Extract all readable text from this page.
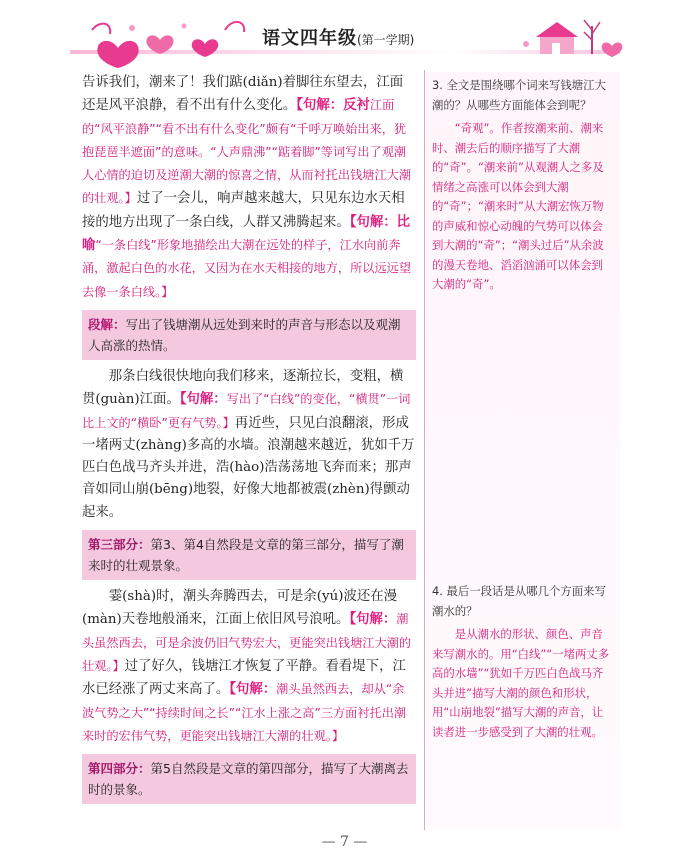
语文四年级(第一学期)

告诉我们，潮来了！我们踮(diǎn)着脚往东望去，江面还是风平浪静，看不出有什么变化。【句解：反衬江面的“风平浪静”“看不出有什么变化”颇有“千呼万唤始出来，犹抱琵琶半遮面”的意味。“人声鼎沸”“踮着脚”等词写出了观潮人心情的迫切及逆潮大潮的惊喜之情，从而衬托出钱塘江大潮的壮观。】过了一会儿，响声越来越大，只见东边水天相接的地方出现了一条白线，人群又沸腾起来。【句解：比喻“一条白线”形象地描绘出大潮在远处的样子，江水向前奔涌，激起白色的水花，又因为在水天相接的地方，所以远远望去像一条白线。】

段解：写出了钱塘潮从远处到来时的声音与形态以及观潮人高涨的热情。

那条白线很快地向我们移来，逐渐拉长，变粗，横贯(guàn)江面。【句解：写出了“白线”的变化，“横贯”一词比上文的“横卧”更有气势。】再近些，只见白浪翻滚，形成一堵两丈(zhàng)多高的水墙。浪潮越来越近，犹如千万匹白色战马齐头并进，浩(hào)浩荡荡地飞奔而来；那声音如同山崩(bēng)地裂，好像大地都被震(zhèn)得颤动起来。

第三部分：第3、第4自然段是文章的第三部分，描写了潮来时的壮观景象。

霎(shà)时，潮头奔腾西去，可是余(yú)波还在漫(màn)天卷地般涌来，江面上依旧风号浪吼。【句解：潮头虽然西去，可是余波仍旧气势宏大，更能突出钱塘江大潮的壮观。】过了好久，钱塘江才恢复了平静。看看堤下，江水已经涨了两丈来高了。【句解：潮头虽然西去，却从“余波气势之大”“持续时间之长”“江水上涨之高”三方面衬托出潮来时的宏伟气势，更能突出钱塘江大潮的壮观。】

第四部分：第5自然段是文章的第四部分，描写了大潮离去时的景象。

3. 全文是围绕哪个词来写钱塘江大潮的？从哪些方面能体会到呢？

“奇观”。作者按潮来前、潮来时、潮去后的顺序描写了大潮的“奇”。“潮来前”从观潮人之多及情绪之高涨可以体会到大潮的“奇”；“潮来时”从大潮宏恢万物的声威和惊心动魄的气势可以体会到大潮的“奇”；“潮头过后”从余波的漫天卷地、滔滔汹涌可以体会到大潮的“奇”。

4. 最后一段话是从哪几个方面来写潮水的？

是从潮水的形状、颜色、声音来写潮水的。用“白线”“一堵两丈多高的水墙”“犹如千万匹白色战马齐头并进”描写大潮的颜色和形状，用“山崩地裂”描写大潮的声音，让读者进一步感受到了大潮的壮观。

— 7 —
